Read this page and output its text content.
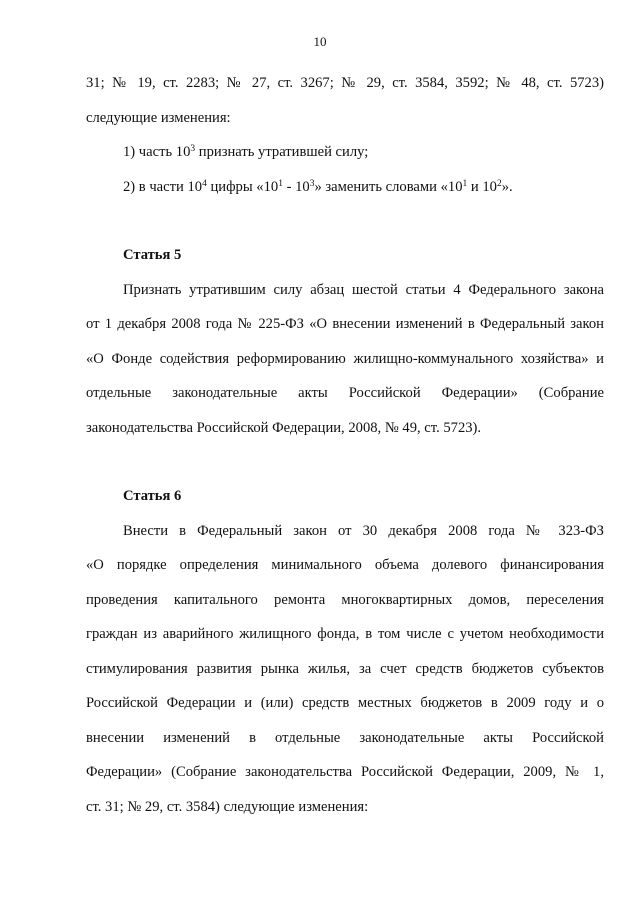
10
31; № 19, ст. 2283; № 27, ст. 3267; № 29, ст. 3584, 3592; № 48, ст. 5723)
следующие изменения:
1) часть $10^3$ признать утратившей силу;
2) в части $10^4$ цифры «$10^1 - 10^3$» заменить словами «$10^1$ и $10^2$».
Статья 5
Признать утратившим силу абзац шестой статьи 4 Федерального закона
от 1 декабря 2008 года № 225-ФЗ «О внесении изменений в Федеральный закон
«О Фонде содействия реформированию жилищно-коммунального хозяйства» и
отдельные законодательные акты Российской Федерации» (Собрание
законодательства Российской Федерации, 2008, № 49, ст. 5723).
Статья 6
Внести в Федеральный закон от 30 декабря 2008 года № 323-ФЗ
«О порядке определения минимального объема долевого финансирования
проведения капитального ремонта многоквартирных домов, переселения
граждан из аварийного жилищного фонда, в том числе с учетом необходимости
стимулирования развития рынка жилья, за счет средств бюджетов субъектов
Российской Федерации и (или) средств местных бюджетов в 2009 году и о
внесении изменений в отдельные законодательные акты Российской
Федерации» (Собрание законодательства Российской Федерации, 2009, № 1,
ст. 31; № 29, ст. 3584) следующие изменения:
